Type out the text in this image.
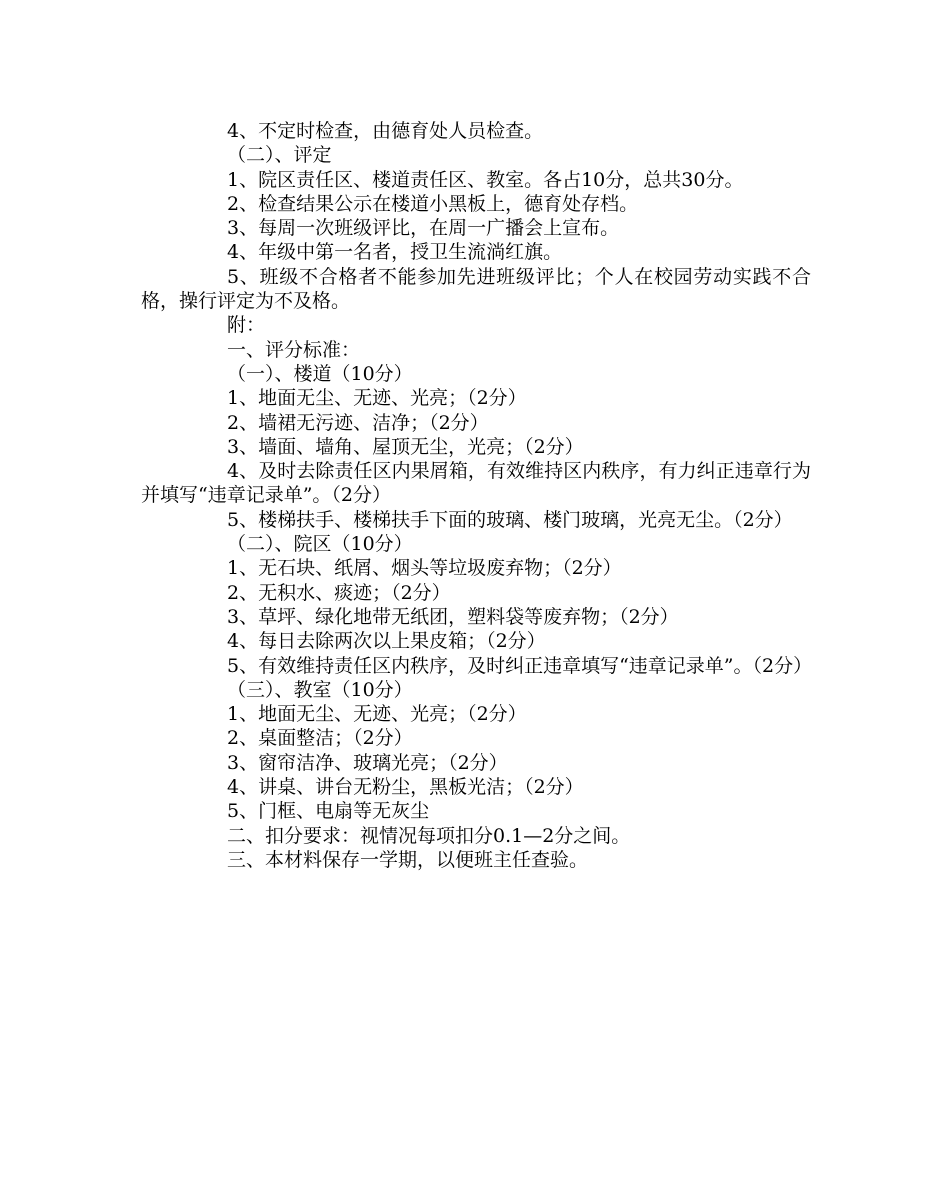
4、不定时检查，由德育处人员检查。

（二）、评定

1、院区责任区、楼道责任区、教室。各占10分，总共30分。

2、检查结果公示在楼道小黑板上，德育处存档。

3、每周一次班级评比，在周一广播会上宣布。

4、年级中第一名者，授卫生流淌红旗。

5、班级不合格者不能参加先进班级评比；个人在校园劳动实践不合格，操行评定为不及格。

附：

一、评分标准：

（一）、楼道（10分）

1、地面无尘、无迹、光亮；（2分）

2、墙裙无污迹、洁净；（2分）

3、墙面、墙角、屋顶无尘，光亮；（2分）

4、及时去除责任区内果屑箱，有效维持区内秩序，有力纠正违章行为并填写“违章记录单”。（2分）

5、楼梯扶手、楼梯扶手下面的玻璃、楼门玻璃，光亮无尘。（2分）

（二）、院区（10分）

1、无石块、纸屑、烟头等垃圾废弃物；（2分）

2、无积水、痰迹；（2分）

3、草坪、绿化地带无纸团，塑料袋等废弃物；（2分）

4、每日去除两次以上果皮箱；（2分）

5、有效维持责任区内秩序，及时纠正违章填写“违章记录单”。（2分）

（三）、教室（10分）

1、地面无尘、无迹、光亮；（2分）

2、桌面整洁；（2分）

3、窗帘洁净、玻璃光亮；（2分）

4、讲桌、讲台无粉尘，黑板光洁；（2分）

5、门框、电扇等无灰尘

二、扣分要求：视情况每项扣分0.1—2分之间。

三、本材料保存一学期，以便班主任查验。
